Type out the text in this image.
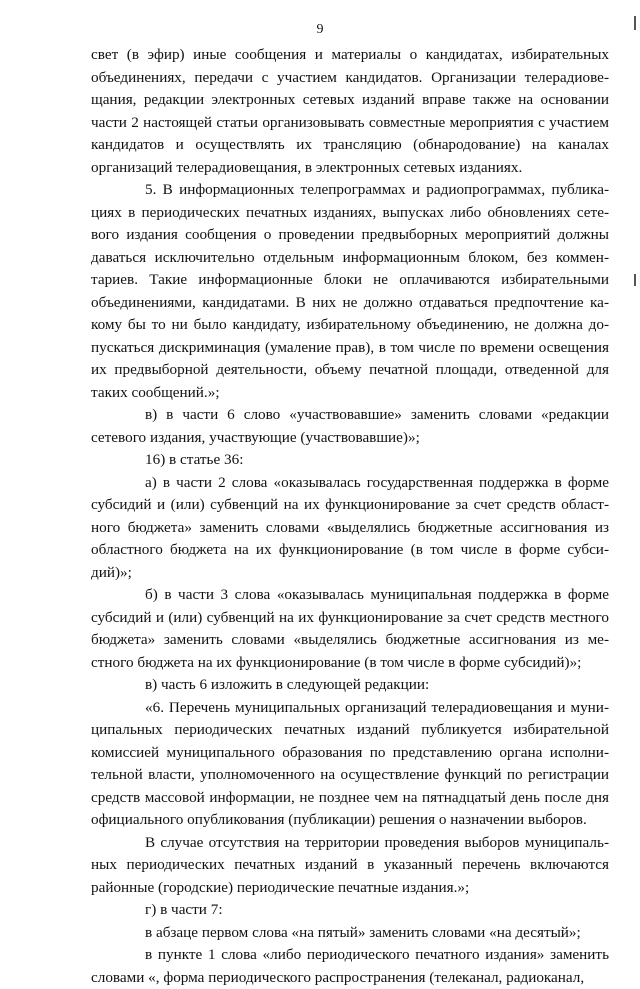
9

свет (в эфир) иные сообщения и материалы о кандидатах, избирательных объединениях, передачи с участием кандидатов. Организации телерадиовещания, редакции электронных сетевых изданий вправе также на основании части 2 настоящей статьи организовывать совместные мероприятия с участием кандидатов и осуществлять их трансляцию (обнародование) на каналах организаций телерадиовещания, в электронных сетевых изданиях.

5. В информационных телепрограммах и радиопрограммах, публикациях в периодических печатных изданиях, выпусках либо обновлениях сетевого издания сообщения о проведении предвыборных мероприятий должны даваться исключительно отдельным информационным блоком, без комментариев. Такие информационные блоки не оплачиваются избирательными объединениями, кандидатами. В них не должно отдаваться предпочтение какому бы то ни было кандидату, избирательному объединению, не должна допускаться дискриминация (умаление прав), в том числе по времени освещения их предвыборной деятельности, объему печатной площади, отведенной для таких сообщений.»;

в) в части 6 слово «участвовавшие» заменить словами «редакции сетевого издания, участвующие (участвовавшие)»;

16) в статье 36:

а) в части 2 слова «оказывалась государственная поддержка в форме субсидий и (или) субвенций на их функционирование за счет средств областного бюджета» заменить словами «выделялись бюджетные ассигнования из областного бюджета на их функционирование (в том числе в форме субсидий)»;

б) в части 3 слова «оказывалась муниципальная поддержка в форме субсидий и (или) субвенций на их функционирование за счет средств местного бюджета» заменить словами «выделялись бюджетные ассигнования из местного бюджета на их функционирование (в том числе в форме субсидий)»;

в) часть 6 изложить в следующей редакции:

«6. Перечень муниципальных организаций телерадиовещания и муниципальных периодических печатных изданий публикуется избирательной комиссией муниципального образования по представлению органа исполнительной власти, уполномоченного на осуществление функций по регистрации средств массовой информации, не позднее чем на пятнадцатый день после дня официального опубликования (публикации) решения о назначении выборов.

В случае отсутствия на территории проведения выборов муниципальных периодических печатных изданий в указанный перечень включаются районные (городские) периодические печатные издания.»;

г) в части 7:

в абзаце первом слова «на пятый» заменить словами «на десятый»;

в пункте 1 слова «либо периодического печатного издания» заменить словами «, форма периодического распространения (телеканал, радиоканал,
